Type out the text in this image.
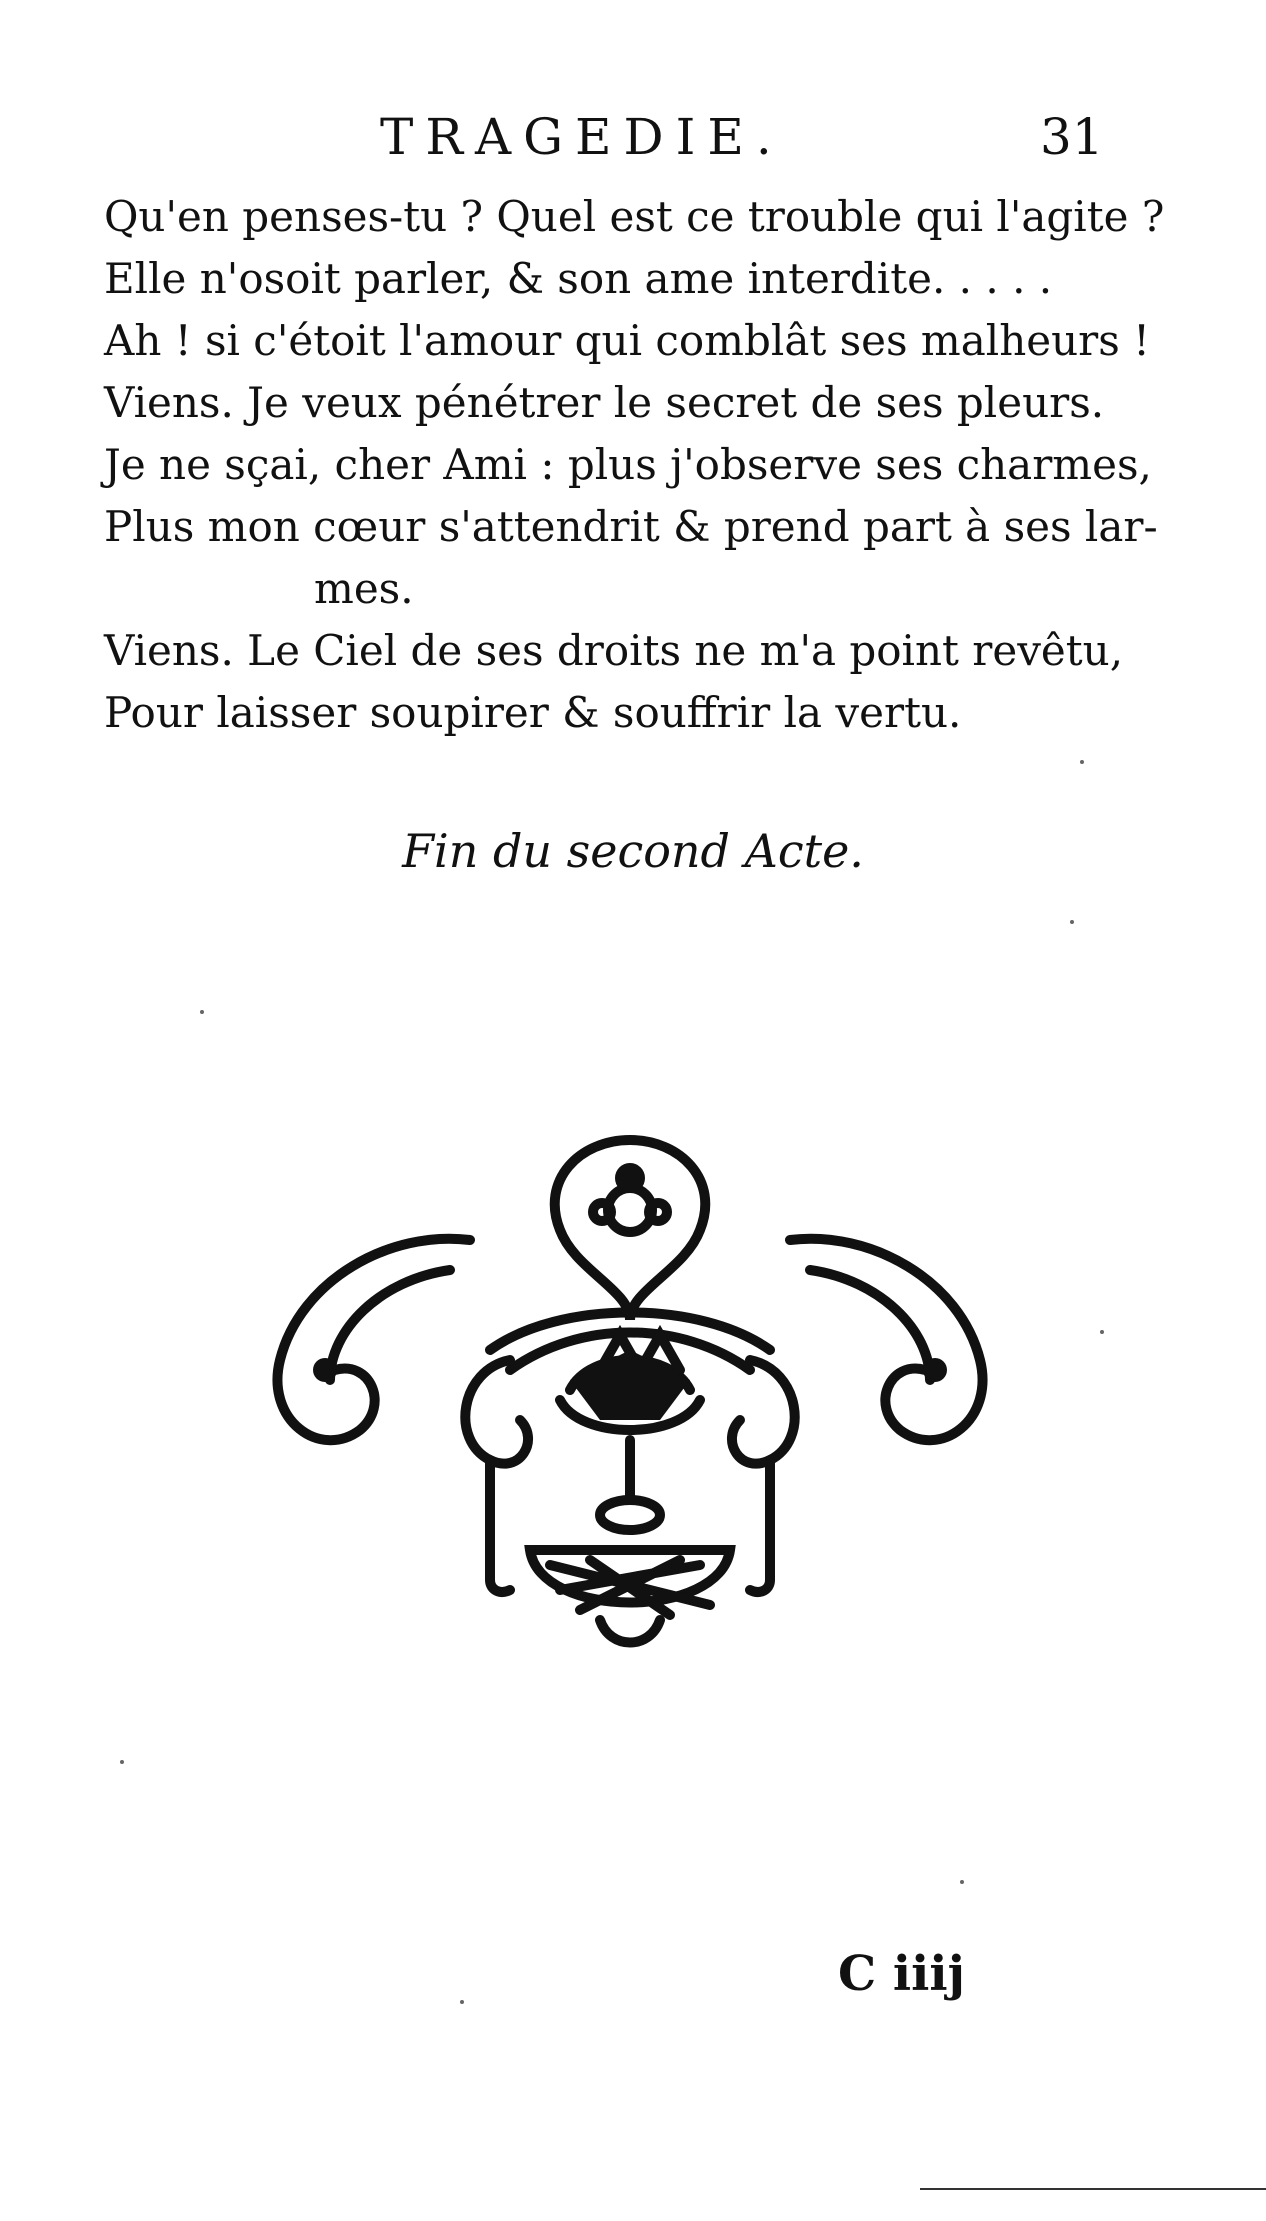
TRAGEDIE.	31
Qu'en penses-tu ? Quel est ce trouble qui l'agite ?
Elle n'osoit parler, & son ame interdite. . . . .
Ah ! si c'étoit l'amour qui comblât ses malheurs !
Viens. Je veux pénétrer le secret de ses pleurs.
Je ne sçai, cher Ami : plus j'observe ses charmes,
Plus mon cœur s'attendrit & prend part à ses lar-
mes.
Viens. Le Ciel de ses droits ne m'a point revêtu,
Pour laisser soupirer & souffrir la vertu.
Fin du second Acte.
C iiij
